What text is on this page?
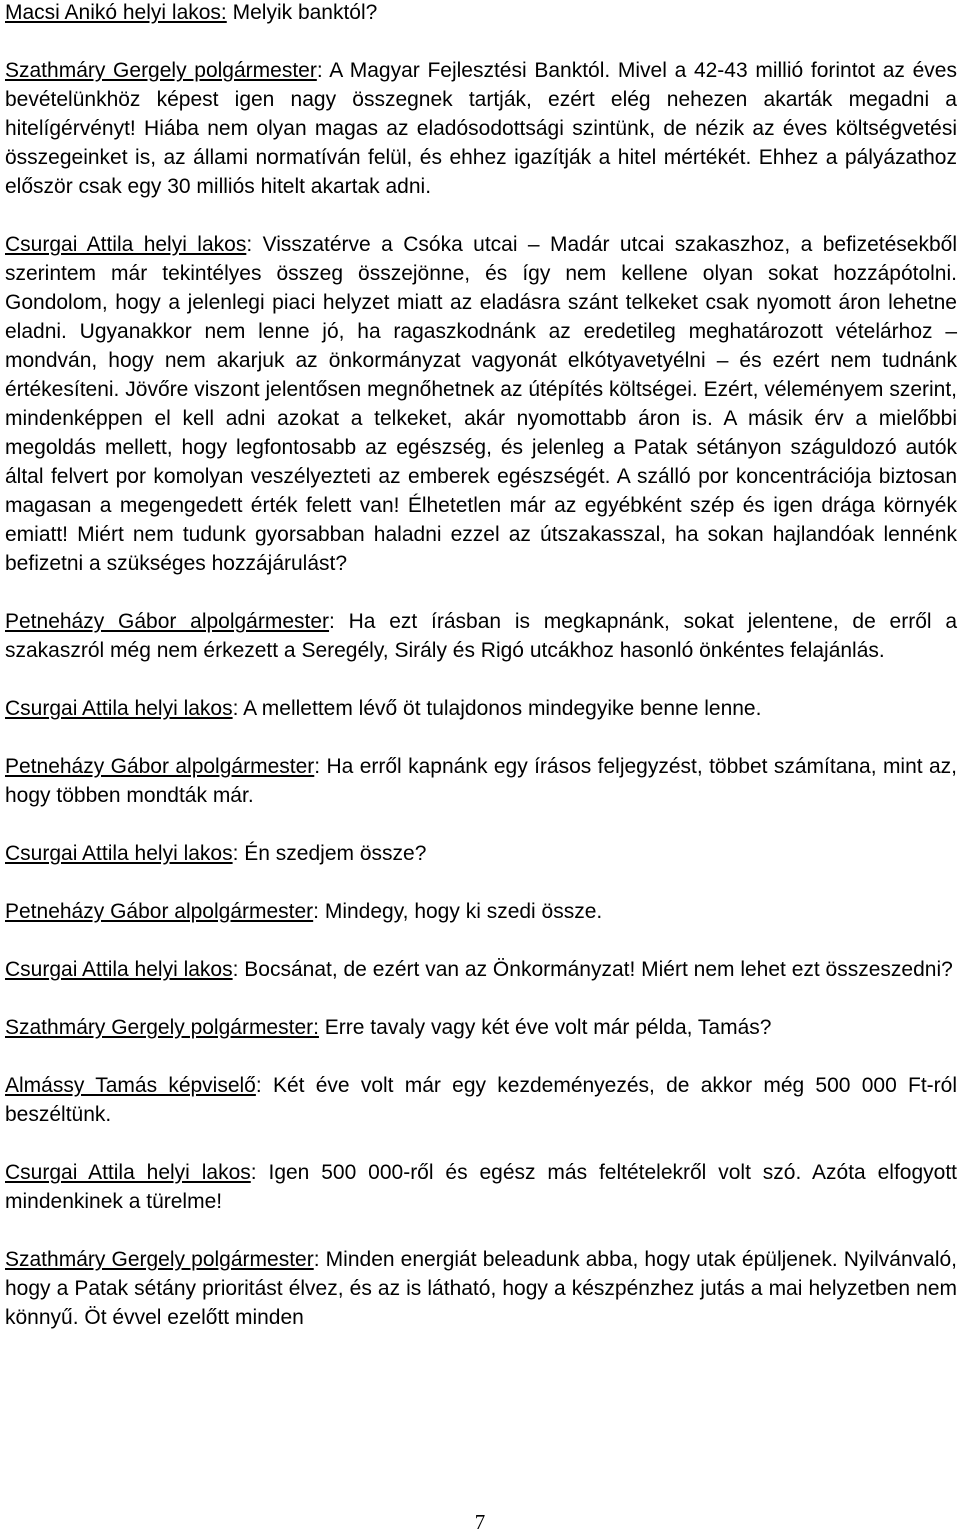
Macsi Anikó helyi lakos: Melyik banktól?

Szathmáry Gergely polgármester: A Magyar Fejlesztési Banktól. Mivel a 42-43 millió forintot az éves bevételünkhöz képest igen nagy összegnek tartják, ezért elég nehezen akarták megadni a hitelígérvényt! Hiába nem olyan magas az eladósodottsági szintünk, de nézik az éves költségvetési összegeinket is, az állami normatíván felül, és ehhez igazítják a hitel mértékét. Ehhez a pályázathoz először csak egy 30 milliós hitelt akartak adni.

Csurgai Attila helyi lakos: Visszatérve a Csóka utcai – Madár utcai szakaszhoz, a befizetésekből szerintem már tekintélyes összeg összejönne, és így nem kellene olyan sokat hozzápótolni. Gondolom, hogy a jelenlegi piaci helyzet miatt az eladásra szánt telkeket csak nyomott áron lehetne eladni. Ugyanakkor nem lenne jó, ha ragaszkodnánk az eredetileg meghatározott vételárhoz – mondván, hogy nem akarjuk az önkormányzat vagyonát elkótyavetyélni – és ezért nem tudnánk értékesíteni. Jövőre viszont jelentősen megnőhetnek az útépítés költségei. Ezért, véleményem szerint, mindenképpen el kell adni azokat a telkeket, akár nyomottabb áron is. A másik érv a mielőbbi megoldás mellett, hogy legfontosabb az egészség, és jelenleg a Patak sétányon száguldozó autók által felvert por komolyan veszélyezteti az emberek egészségét. A szálló por koncentrációja biztosan magasan a megengedett érték felett van! Élhetetlen már az egyébként szép és igen drága környék emiatt! Miért nem tudunk gyorsabban haladni ezzel az útszakasszal, ha sokan hajlandóak lennénk befizetni a szükséges hozzájárulást?

Petneházy Gábor alpolgármester: Ha ezt írásban is megkapnánk, sokat jelentene, de erről a szakaszról még nem érkezett a Seregély, Sirály és Rigó utcákhoz hasonló önkéntes felajánlás.

Csurgai Attila helyi lakos: A mellettem lévő öt tulajdonos mindegyike benne lenne.

Petneházy Gábor alpolgármester: Ha erről kapnánk egy írásos feljegyzést, többet számítana, mint az, hogy többen mondták már.

Csurgai Attila helyi lakos: Én szedjem össze?

Petneházy Gábor alpolgármester: Mindegy, hogy ki szedi össze.

Csurgai Attila helyi lakos: Bocsánat, de ezért van az Önkormányzat! Miért nem lehet ezt összeszedni?

Szathmáry Gergely polgármester: Erre tavaly vagy két éve volt már példa, Tamás?

Almássy Tamás képviselő: Két éve volt már egy kezdeményezés, de akkor még 500 000 Ft-ról beszéltünk.

Csurgai Attila helyi lakos: Igen 500 000-ről és egész más feltételekről volt szó. Azóta elfogyott mindenkinek a türelme!

Szathmáry Gergely polgármester: Minden energiát beleadunk abba, hogy utak épüljenek. Nyilvánvaló, hogy a Patak sétány prioritást élvez, és az is látható, hogy a készpénzhez jutás a mai helyzetben nem könnyű. Öt évvel ezelőtt minden

7
